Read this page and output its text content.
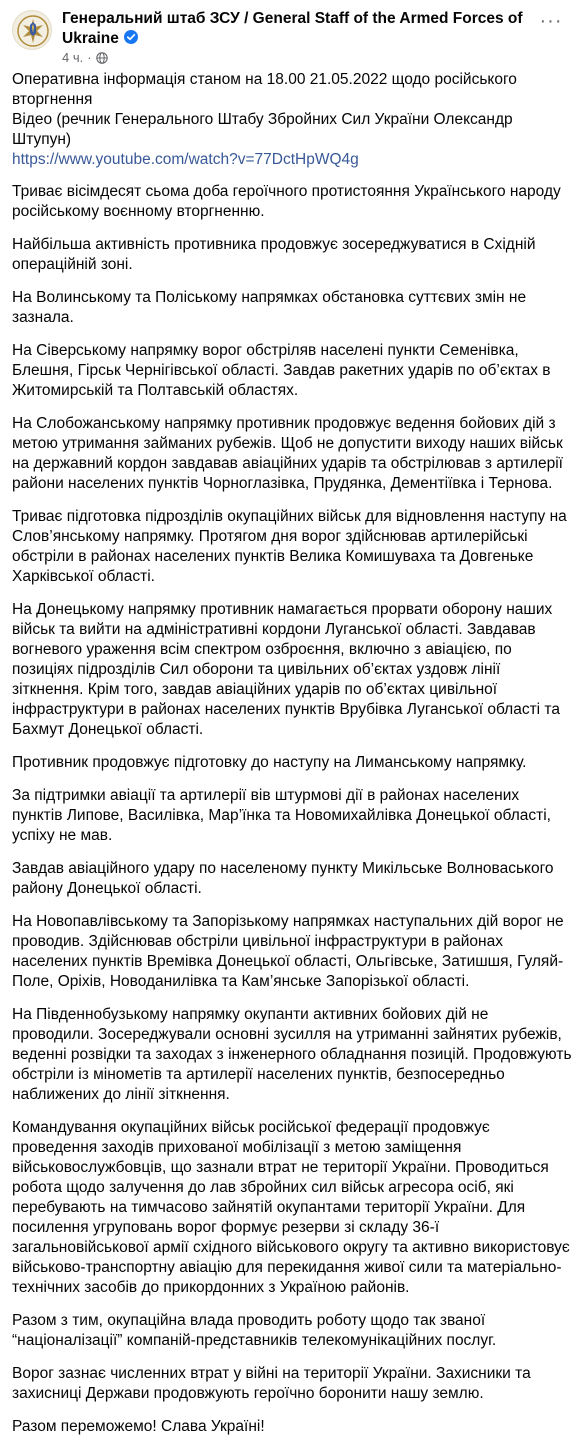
Генеральний штаб ЗСУ / General Staff of the Armed Forces of Ukraine
4 ч. ·
···

Оперативна інформація станом на 18.00 21.05.2022 щодо російського вторгнення
Відео (речник Генерального Штабу Збройних Сил України Олександр Штупун)
https://www.youtube.com/watch?v=77DctHpWQ4g

Триває вісімдесят сьома доба героїчного протистояння Українського народу російському воєнному вторгненню.

Найбільша активність противника продовжує зосереджуватися в Східній операційній зоні.

На Волинському та Поліському напрямках обстановка суттєвих змін не зазнала.

На Сіверському напрямку ворог обстріляв населені пункти Семенівка, Блешня, Гірськ Чернігівської області. Завдав ракетних ударів по об’єктах в Житомирській та Полтавській областях.

На Слобожанському напрямку противник продовжує ведення бойових дій з метою утримання займаних рубежів. Щоб не допустити виходу наших військ на державний кордон завдавав авіаційних ударів та обстрілював з артилерії райони населених пунктів Чорноглазівка, Прудянка, Дементіївка і Тернова.

Триває підготовка підрозділів окупаційних військ для відновлення наступу на Слов’янському напрямку. Протягом дня ворог здійснював артилерійські обстріли в районах населених пунктів Велика Комишуваха та Довгеньке Харківської області.

На Донецькому напрямку противник намагається прорвати оборону наших військ та вийти на адміністративні кордони Луганської області. Завдавав вогневого ураження всім спектром озброєння, включно з авіацією, по позиціях підрозділів Сил оборони та цивільних об’єктах уздовж лінії зіткнення. Крім того, завдав авіаційних ударів по об’єктах цивільної інфраструктури в районах населених пунктів Врубівка Луганської області та Бахмут Донецької області.

Противник продовжує підготовку до наступу на Лиманському напрямку.

За підтримки авіації та артилерії вів штурмові дії в районах населених пунктів Липове, Василівка, Мар’їнка та Новомихайлівка Донецької області, успіху не мав.

Завдав авіаційного удару по населеному пункту Микільське Волноваського району Донецької області.

На Новопавлівському та Запорізькому напрямках наступальних дій ворог не проводив. Здійснював обстріли цивільної інфраструктури в районах населених пунктів Времівка Донецької області, Ольгівське, Затишшя, Гуляй-Поле, Оріхів, Новоданилівка та Кам’янське Запорізької області.

На Південнобузькому напрямку окупанти активних бойових дій не проводили. Зосереджували основні зусилля на утриманні зайнятих рубежів, веденні розвідки та заходах з інженерного обладнання позицій. Продовжують обстріли із мінометів та артилерії населених пунктів, безпосередньо наближених до лінії зіткнення.

Командування окупаційних військ російської федерації продовжує проведення заходів прихованої мобілізації з метою заміщення військовослужбовців, що зазнали втрат не території України. Проводиться робота щодо залучення до лав збройних сил військ агресора осіб, які перебувають на тимчасово зайнятій окупантами території України. Для посилення угруповань ворог формує резерви зі складу 36-ї загальновійськової армії східного військового округу та активно використовує військово-транспортну авіацію для перекидання живої сили та матеріально-технічних засобів до прикордонних з Україною районів.

Разом з тим, окупаційна влада проводить роботу щодо так званої “націоналізації” компаній-представників телекомунікаційних послуг.

Ворог зазнає численних втрат у війні на території України. Захисники та захисниці Держави продовжують героїчно боронити нашу землю.

Разом переможемо! Слава Україні!
